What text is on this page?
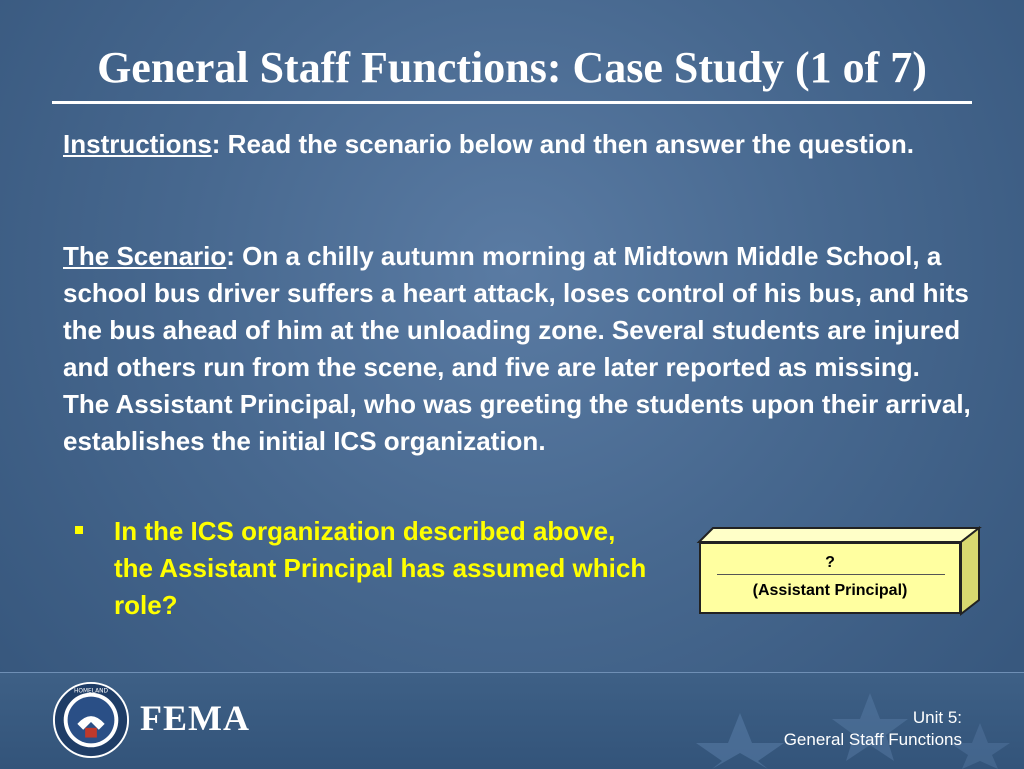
General Staff Functions: Case Study (1 of 7)

Instructions: Read the scenario below and then answer the question.

The Scenario: On a chilly autumn morning at Midtown Middle School, a school bus driver suffers a heart attack, loses control of his bus, and hits the bus ahead of him at the unloading zone. Several students are injured and others run from the scene, and five are later reported as missing. The Assistant Principal, who was greeting the students upon their arrival, establishes the initial ICS organization.

In the ICS organization described above, the Assistant Principal has assumed which role?
?
(Assistant Principal)
HOMELAND
FEMA	Unit 5:
General Staff Functions
